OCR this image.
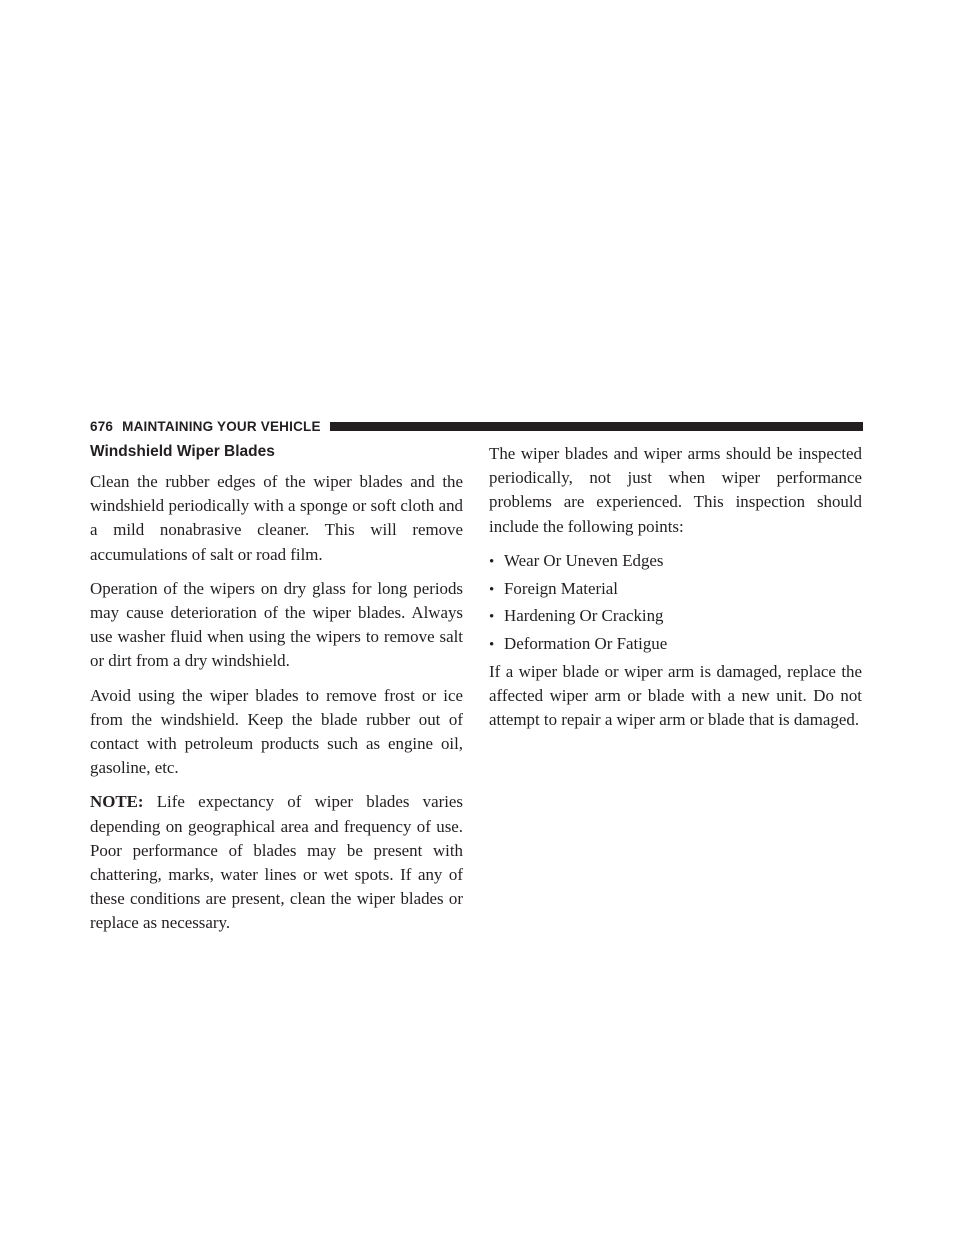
676 MAINTAINING YOUR VEHICLE
Windshield Wiper Blades

Clean the rubber edges of the wiper blades and the windshield periodically with a sponge or soft cloth and a mild nonabrasive cleaner. This will remove accumulations of salt or road film.

Operation of the wipers on dry glass for long periods may cause deterioration of the wiper blades. Always use washer fluid when using the wipers to remove salt or dirt from a dry windshield.

Avoid using the wiper blades to remove frost or ice from the windshield. Keep the blade rubber out of contact with petroleum products such as engine oil, gasoline, etc.

NOTE: Life expectancy of wiper blades varies depending on geographical area and frequency of use. Poor performance of blades may be present with chattering, marks, water lines or wet spots. If any of these conditions are present, clean the wiper blades or replace as necessary.

The wiper blades and wiper arms should be inspected periodically, not just when wiper performance problems are experienced. This inspection should include the following points:

• Wear Or Uneven Edges
• Foreign Material
• Hardening Or Cracking
• Deformation Or Fatigue

If a wiper blade or wiper arm is damaged, replace the affected wiper arm or blade with a new unit. Do not attempt to repair a wiper arm or blade that is damaged.
